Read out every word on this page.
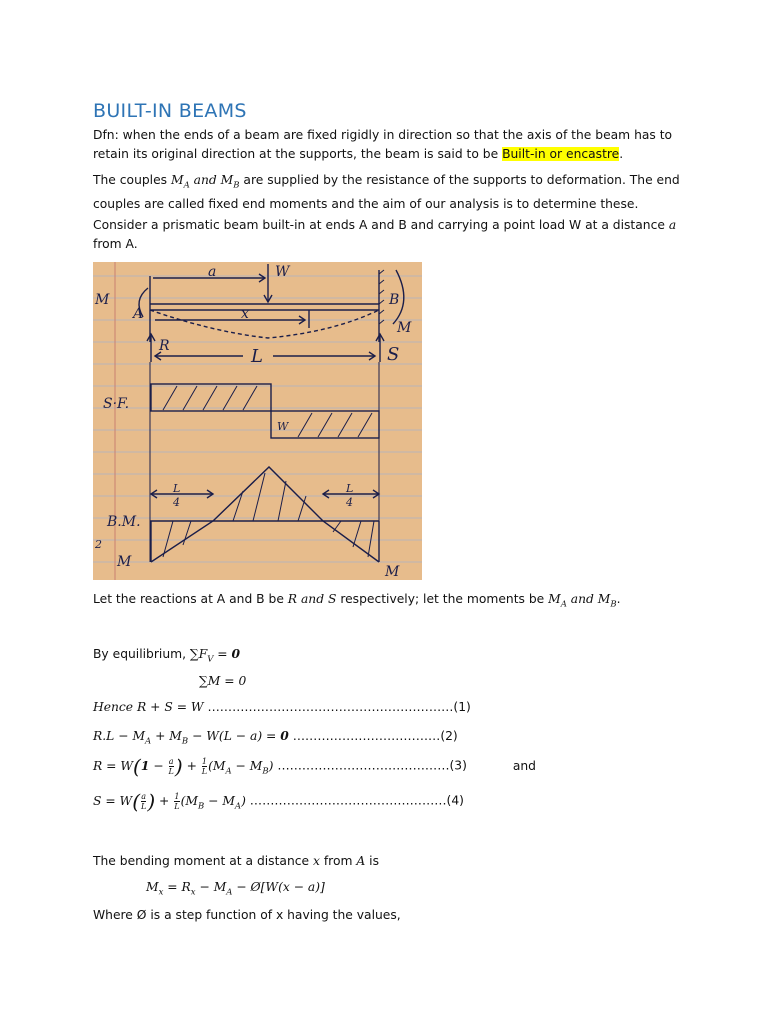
BUILT-IN BEAMS

Dfn: when the ends of a beam are fixed rigidly in direction so that the axis of the beam has to retain its original direction at the supports, the beam is said to be Built-in or encastre.

The couples $M_A$ and $M_B$ are supplied by the resistance of the supports to deformation. The end couples are called fixed end moments and the aim of our analysis is to determine these.

Consider a prismatic beam built-in at ends A and B and carrying a point load W at a distance a from A.

a	W
M
A	x
B
M
R	L	S
S·F.
W
L
4
L
4
B.M.
2
M
M

Let the reactions at A and B be R and S respectively; let the moments be $M_A$ and $M_B$.

By equilibrium, $\sum F_V = 0$
∑M = 0
Hence R + S = W ……………………………………………………(1)
$R.L - M_A + M_B - W(L - a) = 0$ ………………………………(2)
$R = W(1 - \frac{a}{L}$ ) + $\frac{1}{L} (M_A - M_B)$ ……………………………………(3)	and
$S = W( \frac{a}{L}$ ) + $\frac{1}{L} (M_B - M_A)$ …………………………………………(4)

The bending moment at a distance x from A is

$M_x = R_x - M_A$ − Ø[W(x − a)]

Where Ø is a step function of x having the values,
